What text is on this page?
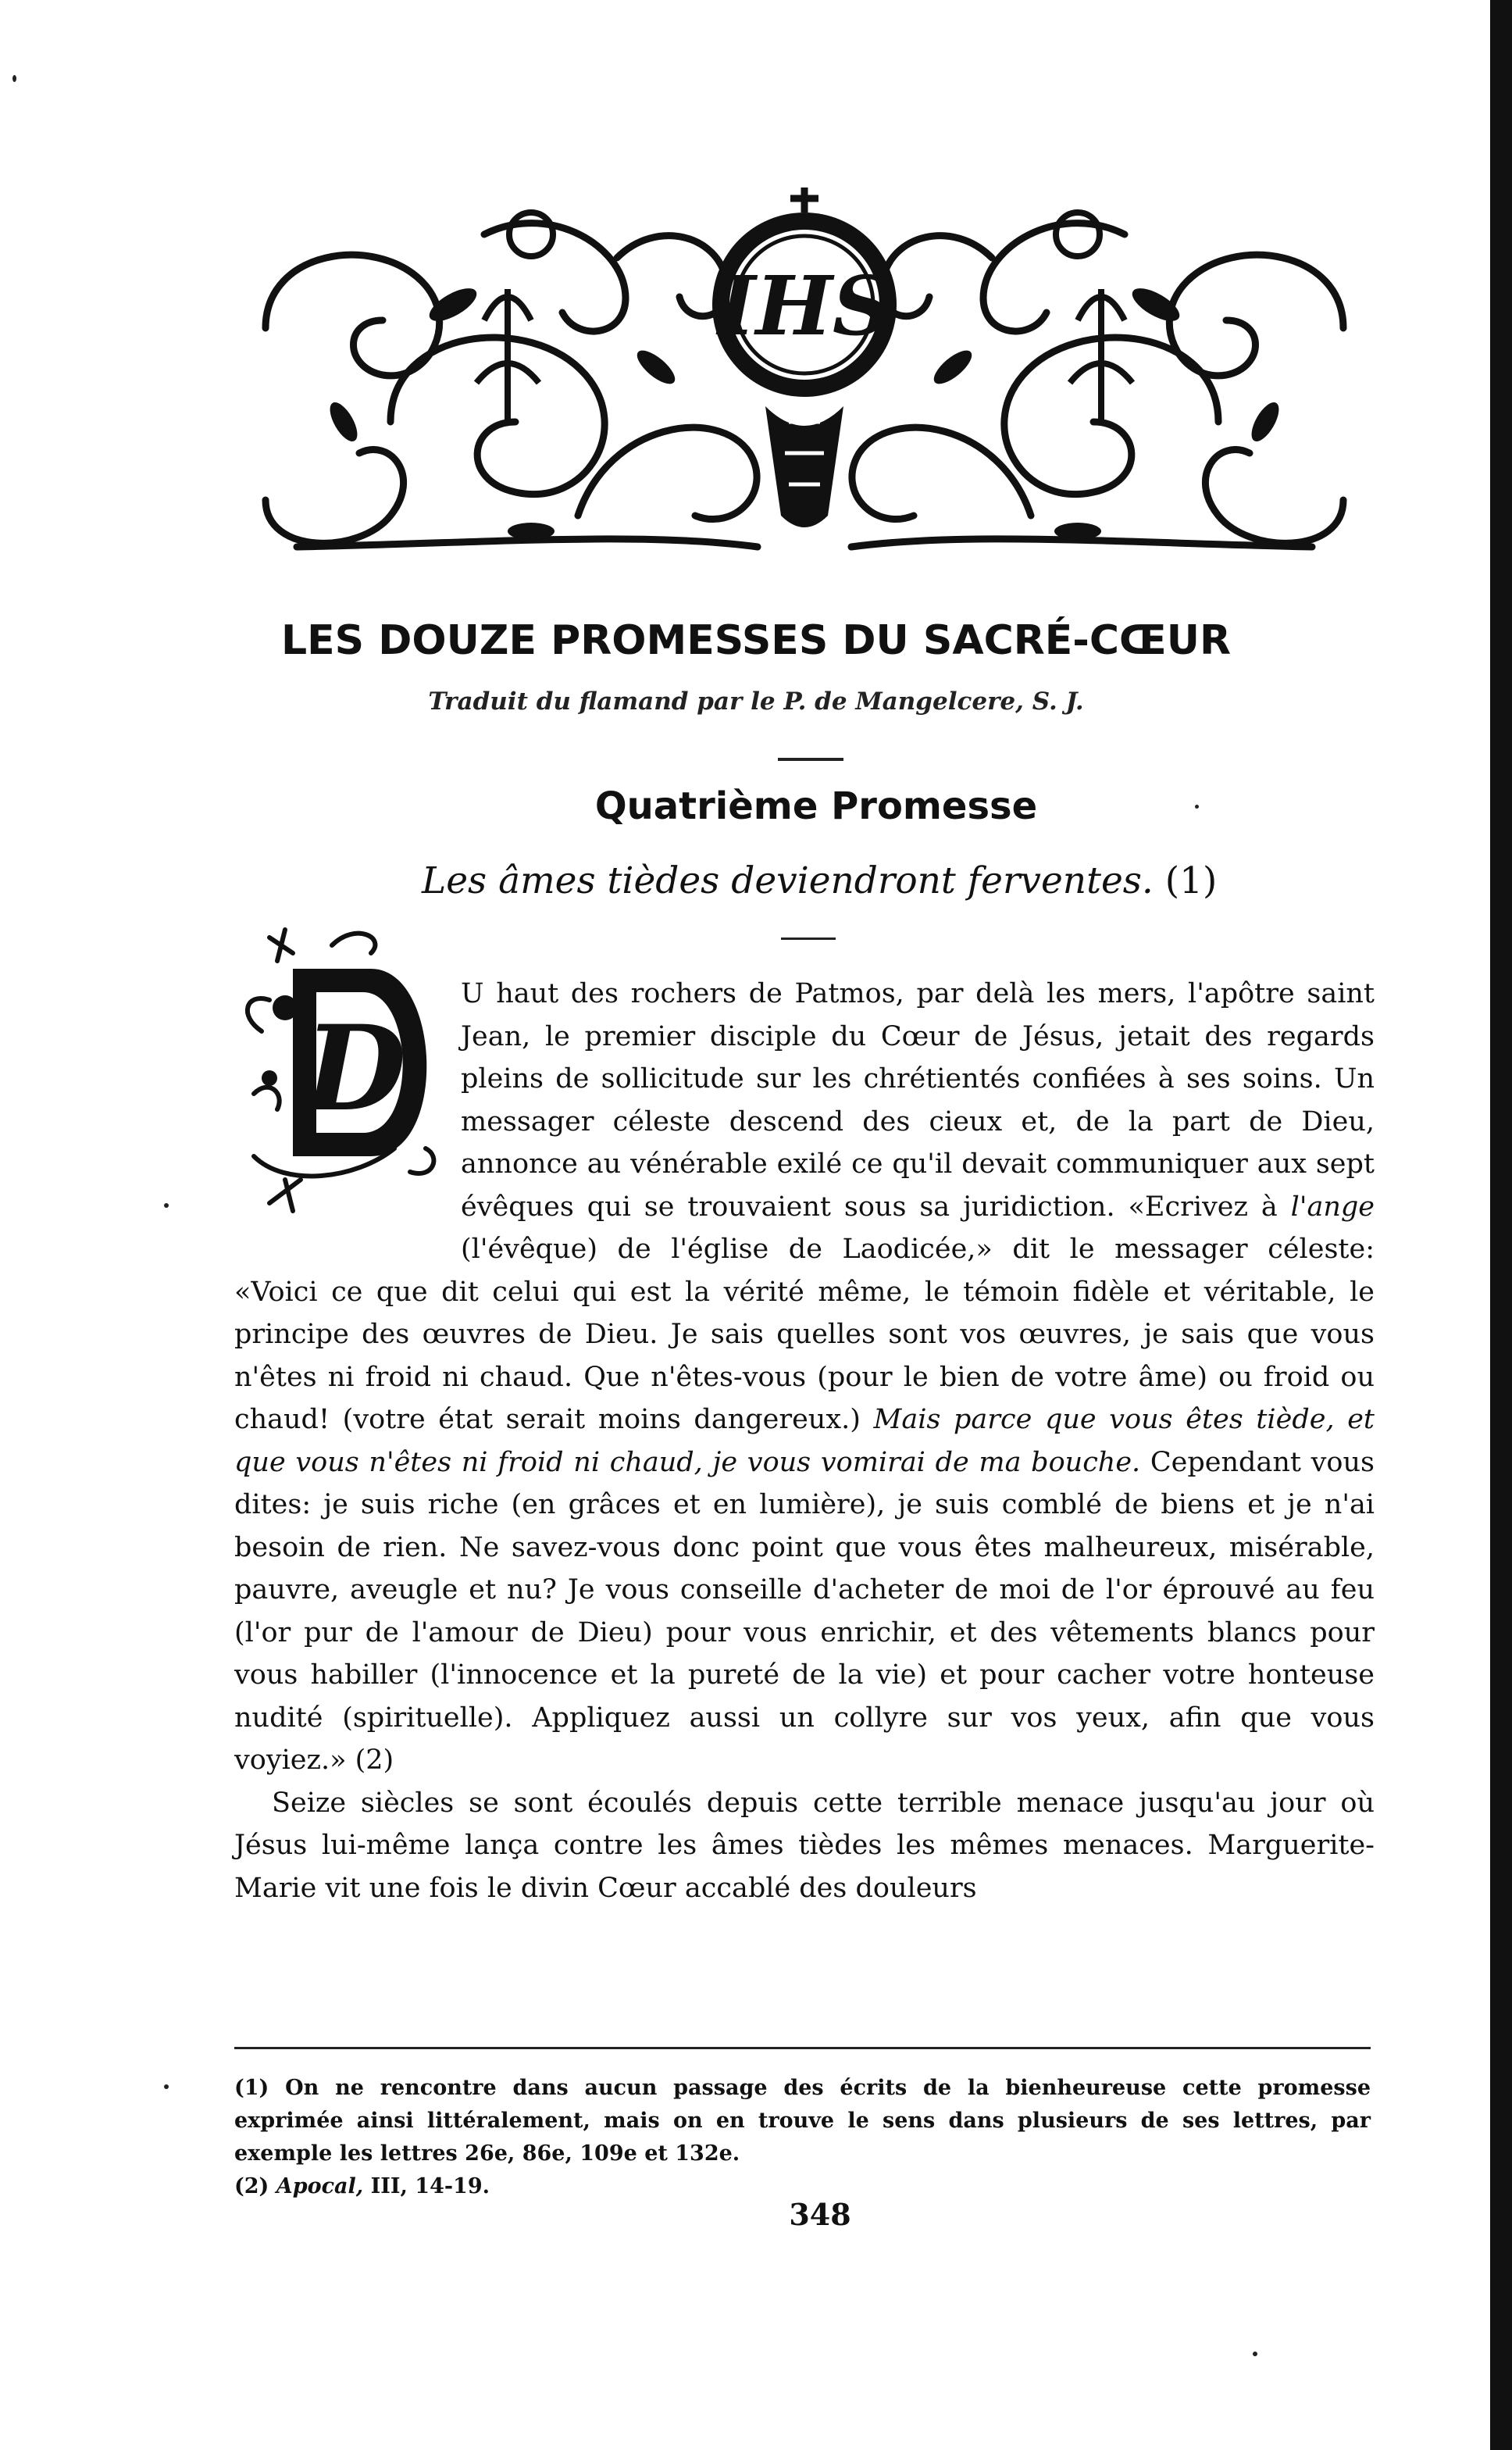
IHS
LES DOUZE PROMESSES DU SACRÉ-CŒUR
Traduit du flamand par le P. de Mangelcere, S. J.
Quatrième Promesse
Les âmes tièdes deviendront ferventes. (1)
D

U haut des rochers de Patmos, par delà les mers, l'apôtre saint Jean, le premier disciple du Cœur de Jésus, jetait des regards pleins de sollicitude sur les chrétientés confiées à ses soins. Un messager céleste descend des cieux et, de la part de Dieu, annonce au vénérable exilé ce qu'il devait communiquer aux sept évêques qui se trouvaient sous sa juridiction. «Ecrivez à l'ange (l'évêque) de l'église de Laodicée,» dit le messager céleste: «Voici ce que dit celui qui est la vérité même, le témoin fidèle et véritable, le principe des œuvres de Dieu. Je sais quelles sont vos œuvres, je sais que vous n'êtes ni froid ni chaud. Que n'êtes-vous (pour le bien de votre âme) ou froid ou chaud! (votre état serait moins dangereux.) Mais parce que vous êtes tiède, et que vous n'êtes ni froid ni chaud, je vous vomirai de ma bouche. Cependant vous dites: je suis riche (en grâces et en lumière), je suis comblé de biens et je n'ai besoin de rien. Ne savez-vous donc point que vous êtes malheureux, misérable, pauvre, aveugle et nu? Je vous conseille d'acheter de moi de l'or éprouvé au feu (l'or pur de l'amour de Dieu) pour vous enrichir, et des vêtements blancs pour vous habiller (l'innocence et la pureté de la vie) et pour cacher votre honteuse nudité (spirituelle). Appliquez aussi un collyre sur vos yeux, afin que vous voyiez.» (2)

Seize siècles se sont écoulés depuis cette terrible menace jusqu'au jour où Jésus lui-même lança contre les âmes tièdes les mêmes menaces. Marguerite-Marie vit une fois le divin Cœur accablé des douleurs

(1) On ne rencontre dans aucun passage des écrits de la bienheureuse cette promesse exprimée ainsi littéralement, mais on en trouve le sens dans plusieurs de ses lettres, par exemple les lettres 26e, 86e, 109e et 132e.

(2) Apocal, III, 14-19.

348
